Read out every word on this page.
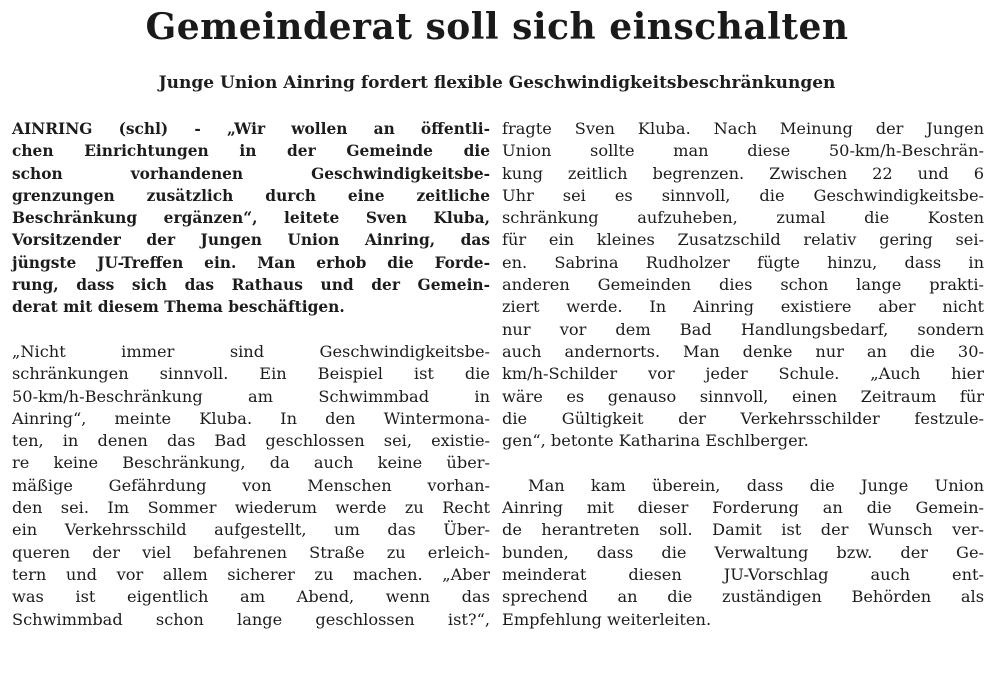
Gemeinderat soll sich einschalten
Junge Union Ainring fordert flexible Geschwindigkeitsbeschränkungen
AINRING (schl) - „Wir wollen an öffentli-
chen Einrichtungen in der Gemeinde die
schon vorhandenen Geschwindigkeitsbe-
grenzungen zusätzlich durch eine zeitliche
Beschränkung ergänzen“, leitete Sven Kluba,
Vorsitzender der Jungen Union Ainring, das
jüngste JU-Treffen ein. Man erhob die Forde-
rung, dass sich das Rathaus und der Gemein-
derat mit diesem Thema beschäftigen.
„Nicht immer sind Geschwindigkeitsbe-
schränkungen sinnvoll. Ein Beispiel ist die
50-km/h-Beschränkung am Schwimmbad in
Ainring“, meinte Kluba. In den Wintermona-
ten, in denen das Bad geschlossen sei, existie-
re keine Beschränkung, da auch keine über-
mäßige Gefährdung von Menschen vorhan-
den sei. Im Sommer wiederum werde zu Recht
ein Verkehrsschild aufgestellt, um das Über-
queren der viel befahrenen Straße zu erleich-
tern und vor allem sicherer zu machen. „Aber
was ist eigentlich am Abend, wenn das
Schwimmbad schon lange geschlossen ist?“,
fragte Sven Kluba. Nach Meinung der Jungen
Union sollte man diese 50-km/h-Beschrän-
kung zeitlich begrenzen. Zwischen 22 und 6
Uhr sei es sinnvoll, die Geschwindigkeitsbe-
schränkung aufzuheben, zumal die Kosten
für ein kleines Zusatzschild relativ gering sei-
en. Sabrina Rudholzer fügte hinzu, dass in
anderen Gemeinden dies schon lange prakti-
ziert werde. In Ainring existiere aber nicht
nur vor dem Bad Handlungsbedarf, sondern
auch andernorts. Man denke nur an die 30-
km/h-Schilder vor jeder Schule. „Auch hier
wäre es genauso sinnvoll, einen Zeitraum für
die Gültigkeit der Verkehrsschilder festzule-
gen“, betonte Katharina Eschlberger.
Man kam überein, dass die Junge Union
Ainring mit dieser Forderung an die Gemein-
de herantreten soll. Damit ist der Wunsch ver-
bunden, dass die Verwaltung bzw. der Ge-
meinderat diesen JU-Vorschlag auch ent-
sprechend an die zuständigen Behörden als
Empfehlung weiterleiten.
